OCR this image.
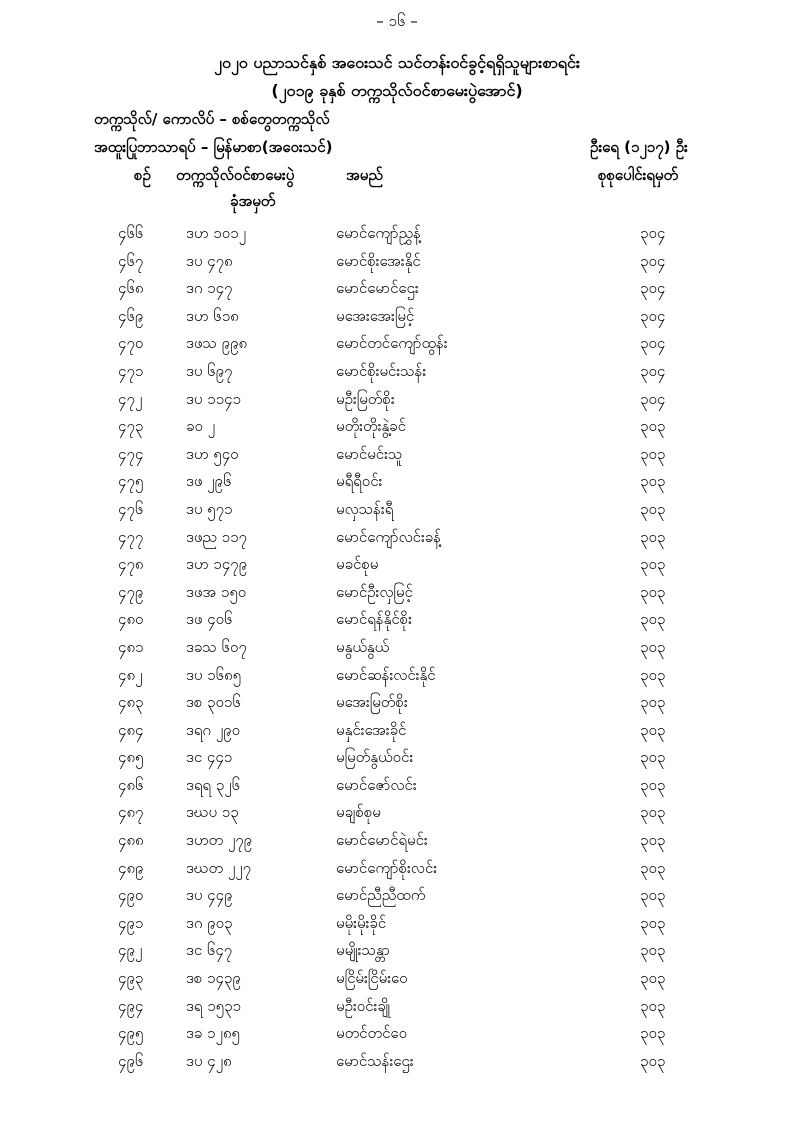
– ၁၆ –
၂၀၂၀ ပညာသင်နှစ် အဝေးသင် သင်တန်းဝင်ခွင့်ရရှိသူများစာရင်း
(၂၀၁၉ ခုနှစ် တက္ကသိုလ်ဝင်စာမေးပွဲအောင်)
တက္ကသိုလ်/ ကောလိပ် – စစ်တွေတက္ကသိုလ်
အထူးပြုဘာသာရပ် – မြန်မာစာ(အဝေးသင်)	ဦးရေ (၁၂၁၇) ဦး
စဉ် တက္ကသိုလ်ဝင်စာမေးပွဲ
ခုံအမှတ်
အမည်	စုစုပေါင်းရမှတ်
၄၆၆	ဒဟ ၁၀၁၂	မောင်ကျော်ညွှန့်	၃၀၄
၄၆၇	ဒပ ၄၇၈	မောင်စိုးအေးနိုင်	၃၀၄
၄၆၈	ဒဂ ၁၄၇	မောင်မောင်ဌေး	၃၀၄
၄၆၉	ဒဟ ၆၁၈	မအေးအေးမြင့်	၃၀၄
၄၇၀	ဒဖသ ၉၉၈	မောင်တင်ကျော်ထွန်း	၃၀၄
၄၇၁	ဒပ ၆၉၇	မောင်စိုးမင်းသန်း	၃၀၄
၄၇၂	ဒပ ၁၁၄၁	မဦးမြတ်စိုး	၃၀၄
၄၇၃	ခဝ ၂	မတိုးတိုးနွဲ့ခင်	၃၀၃
၄၇၄	ဒဟ ၅၄၀	မောင်မင်းသူ	၃၀၃
၄၇၅	ဒဖ ၂၉၆	မရီရီဝင်း	၃၀၃
၄၇၆	ဒပ ၅၇၁	မလှသန်းရီ	၃၀၃
၄၇၇	ဒဖည ၁၁၇	မောင်ကျော်လင်းခန့်	၃၀၃
၄၇၈	ဒဟ ၁၄၇၉	မခင်စုမ	၃၀၃
၄၇၉	ဒဖအ ၁၅၀	မောင်ဦးလှမြင့်	၃၀၃
၄၈၀	ဒဖ ၄၀၆	မောင်ရန်နိုင်စိုး	၃၀၃
၄၈၁	ဒခသ ၆၀၇	မနွယ်နွယ်	၃၀၃
၄၈၂	ဒပ ၁၆၈၅	မောင်ဆန်းလင်းနိုင်	၃၀၃
၄၈၃	ဒစ ၃၀၁၆	မအေးမြတ်စိုး	၃၀၃
၄၈၄	ဒရဂ ၂၉၀	မနှင်းအေးခိုင်	၃၀၃
၄၈၅	ဒင ၄၄၁	မမြတ်နွယ်ဝင်း	၃၀၃
၄၈၆	ဒရရ ၃၂၆	မောင်ဇော်လင်း	၃၀၃
၄၈၇	ဒဃပ ၁၃	မချစ်စုမ	၃၀၃
၄၈၈	ဒဟတ ၂၇၉	မောင်မောင်ရဲမင်း	၃၀၃
၄၈၉	ဒဃတ ၂၂၇	မောင်ကျော်စိုးလင်း	၃၀၃
၄၉၀	ဒပ ၄၄၉	မောင်ညီညီထက်	၃၀၃
၄၉၁	ဒဂ ၉၀၃	မမိုးမိုးခိုင်	၃၀၃
၄၉၂	ဒင ၆၄၇	မမျိုးသန္တာ	၃၀၃
၄၉၃	ဒစ ၁၄၃၉	မငြိမ်းငြိမ်းဝေ	၃၀၃
၄၉၄	ဒရ ၁၅၃၁	မဦးဝင်းချို	၃၀၃
၄၉၅	ဒခ ၁၂၈၅	မတင်တင်ဝေ	၃၀၃
၄၉၆	ဒပ ၄၂၈	မောင်သန်းဌေး	၃၀၃
